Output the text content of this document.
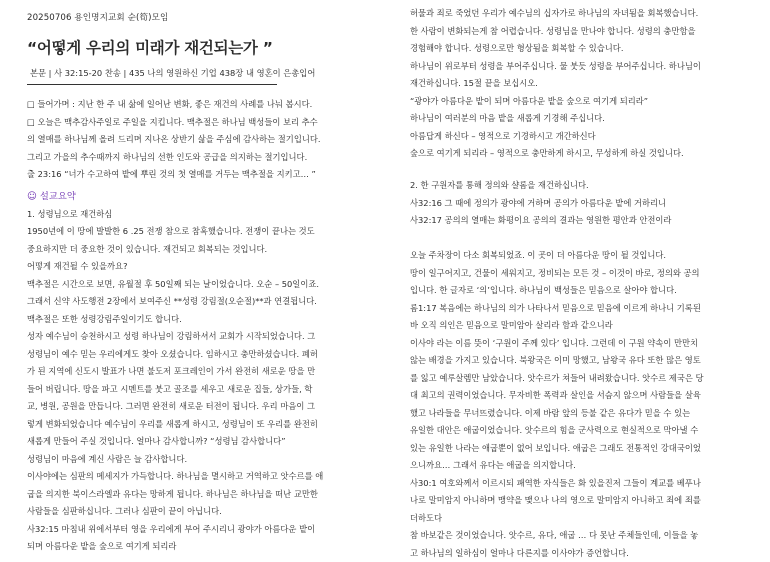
20250706 용인명지교회 순(筍)모임
“어떻게 우리의 미래가 재건되는가 ”
본문 | 사 32:15-20 찬송 | 435 나의 영원하신 기업 438장 내 영혼이 은총입어
□ 들어가며 : 지난 한 주 내 삶에 일어난 변화, 좋은 재건의 사례를 나눠 봅시다.
□ 오늘은 맥추감사주일로 주일을 지킵니다. 맥추절은 하나님 백성들이 보리 추수
의 열매를 하나님께 올려 드리며 지나온 상반기 삶을 주심에 감사하는 절기입니다.
그리고 가을의 추수때까지 하나님의 선한 인도와 공급을 의지하는 절기입니다.
출 23:16 “너가 수고하여 밭에 뿌린 것의 첫 열매를 거두는 맥추절을 지키고… ”
☺ 설교요약
1. 성령님으로 재건하심
1950년에 이 땅에 발발한 6 .25 전쟁 참으로 참혹했습니다. 전쟁이 끝나는 것도
중요하지만 더 중요한 것이 있습니다. 재건되고 회복되는 것입니다.
어떻게 재건될 수 있을까요?
맥추절은 시간으로 보면, 유월절 후 50일째 되는 날이었습니다. 오순 – 50일이죠.
그래서 신약 사도행전 2장에서 보여주신 **성령 강림절(오순절)**과 연결됩니다.
맥추절은 또한 성령강림주일이기도 합니다.
성자 예수님이 승천하시고 성령 하나님이 강림하셔서 교회가 시작되었습니다. 그
성령님이 예수 믿는 우리에게도 찾아 오셨습니다. 임하시고 충만하셨습니다. 폐허
가 된 지역에 신도시 발표가 나면 불도저 포크레인이 가서 완전히 새로운 땅을 만
들어 버립니다. 땅을 파고 시멘트를 붓고 골조를 세우고 새로운 집들, 상가들, 학
교, 병원, 공원을 만듭니다. 그러면 완전히 새로운 터전이 됩니다. 우리 마음이 그
렇게 변화되었습니다 예수님이 우리를 새롭게 하시고, 성령님이 또 우리를 완전히
새롭게 만들어 주실 것입니다. 얼마나 감사합니까? “성령님 감사합니다”
성령님이 마음에 계신 사람은 늘 감사합니다.
이사야에는 심판의 메세지가 가득합니다. 하나님을 멸시하고 거역하고 앗수르를 애
굽을 의지한 북이스라엘과 유다는 망하게 됩니다. 하나님은 하나님을 떠난 교만한
사람들을 심판하십니다. 그러나 심판이 끝이 아닙니다.
사32:15 마침내 위에서부터 영을 우리에게 부어 주시리니 광야가 아름다운 밭이
되며 아름다운 밭을 숲으로 여기게 되리라
허물과 죄로 죽었던 우리가 예수님의 십자가로 하나님의 자녀됨을 회복했습니다.
한 사람이 변화되는게 참 어렵습니다. 성령님을 만나야 합니다. 성령의 충만함을
경험해야 합니다. 성령으로만 형상됨을 회복할 수 있습니다.
하나님이 위로부터 성령을 부어주십니다. 물 붓듯 성령을 부어주십니다. 하나님이
재건하십니다. 15절 끝을 보십시오.
“광야가 아름다운 밭이 되며 아름다운 밭을 숲으로 여기게 되리라”
하나님이 여러분의 마음 밭을 새롭게 기경해 주십니다.
아름답게 하신다 – 영적으로 기경하시고 개간하신다
숲으로 여기게 되리라 – 영적으로 충만하게 하시고, 무성하게 하실 것입니다.
2. 한 구원자를 통해 정의와 샬롬을 재건하십니다.
사32:16 그 때에 정의가 광야에 거하며 공의가 아름다운 밭에 거하리니
사32:17 공의의 열매는 화평이요 공의의 결과는 영원한 평안과 안전이라
오늘 주차장이 다소 회복되었죠. 이 곳이 더 아름다운 땅이 될 것입니다.
땅이 일구어지고, 건물이 세워지고, 정비되는 모든 것 – 이것이 바로, 정의와 공의
입니다. 한 글자로 ‘의’입니다. 하나님이 백성들은 믿음으로 살아야 합니다.
롬1:17 복음에는 하나님의 의가 나타나서 믿음으로 믿음에 이르게 하나니 기록된
바 오직 의인은 믿음으로 말미암아 살리라 함과 같으니라
이사야 라는 이름 뜻이 ‘구원이 주께 있다’ 입니다. 그런데 이 구원 약속이 만만치
않는 배경을 가지고 있습니다. 북왕국은 이미 망했고, 남왕국 유다 또한 많은 영토
를 잃고 예루살렘만 남았습니다. 앗수르가 쳐들어 내려왔습니다. 앗수르 제국은 당
대 최고의 권력이었습니다. 무자비한 폭력과 살인을 서슴지 않으며 사람들을 살육
했고 나라들을 무너뜨렸습니다. 이제 바람 앞의 등불 같은 유다가 믿을 수 있는
유일한 대안은 애굽이었습니다. 앗수르의 힘을 군사력으로 현실적으로 막아낼 수
있는 유일한 나라는 애굽뿐이 없어 보입니다. 애굽은 그래도 전통적인 강대국이었
으니까요… 그래서 유다는 애굽을 의지합니다.
사30:1 여호와께서 이르시되 패역한 자식들은 화 있을진저 그들이 계교를 베푸나
나로 말미암지 아니하며 맹약을 맺으나 나의 영으로 말미암지 아니하고 죄에 죄를
더하도다
참 바보같은 것이었습니다. 앗수르, 유다, 애굽 … 다 못난 주체들인데, 이들을 놓
고 하나님의 일하심이 얼마나 다른지를 이사야가 증언합니다.
